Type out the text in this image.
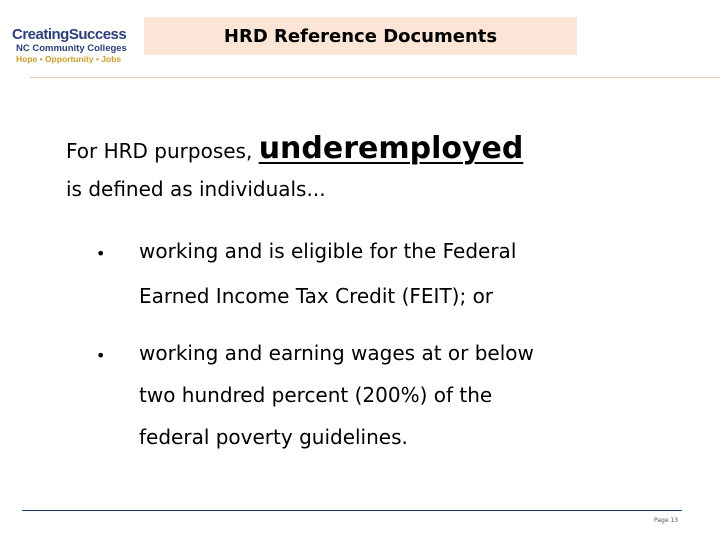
CreatingSuccess
NC Community Colleges
Hope • Opportunity • Jobs
HRD Reference Documents
For HRD purposes, underemployed
is defined as individuals...
• working and is eligible for the Federal
Earned Income Tax Credit (FEIT); or
• working and earning wages at or below
two hundred percent (200%) of the
federal poverty guidelines.
Page 13
